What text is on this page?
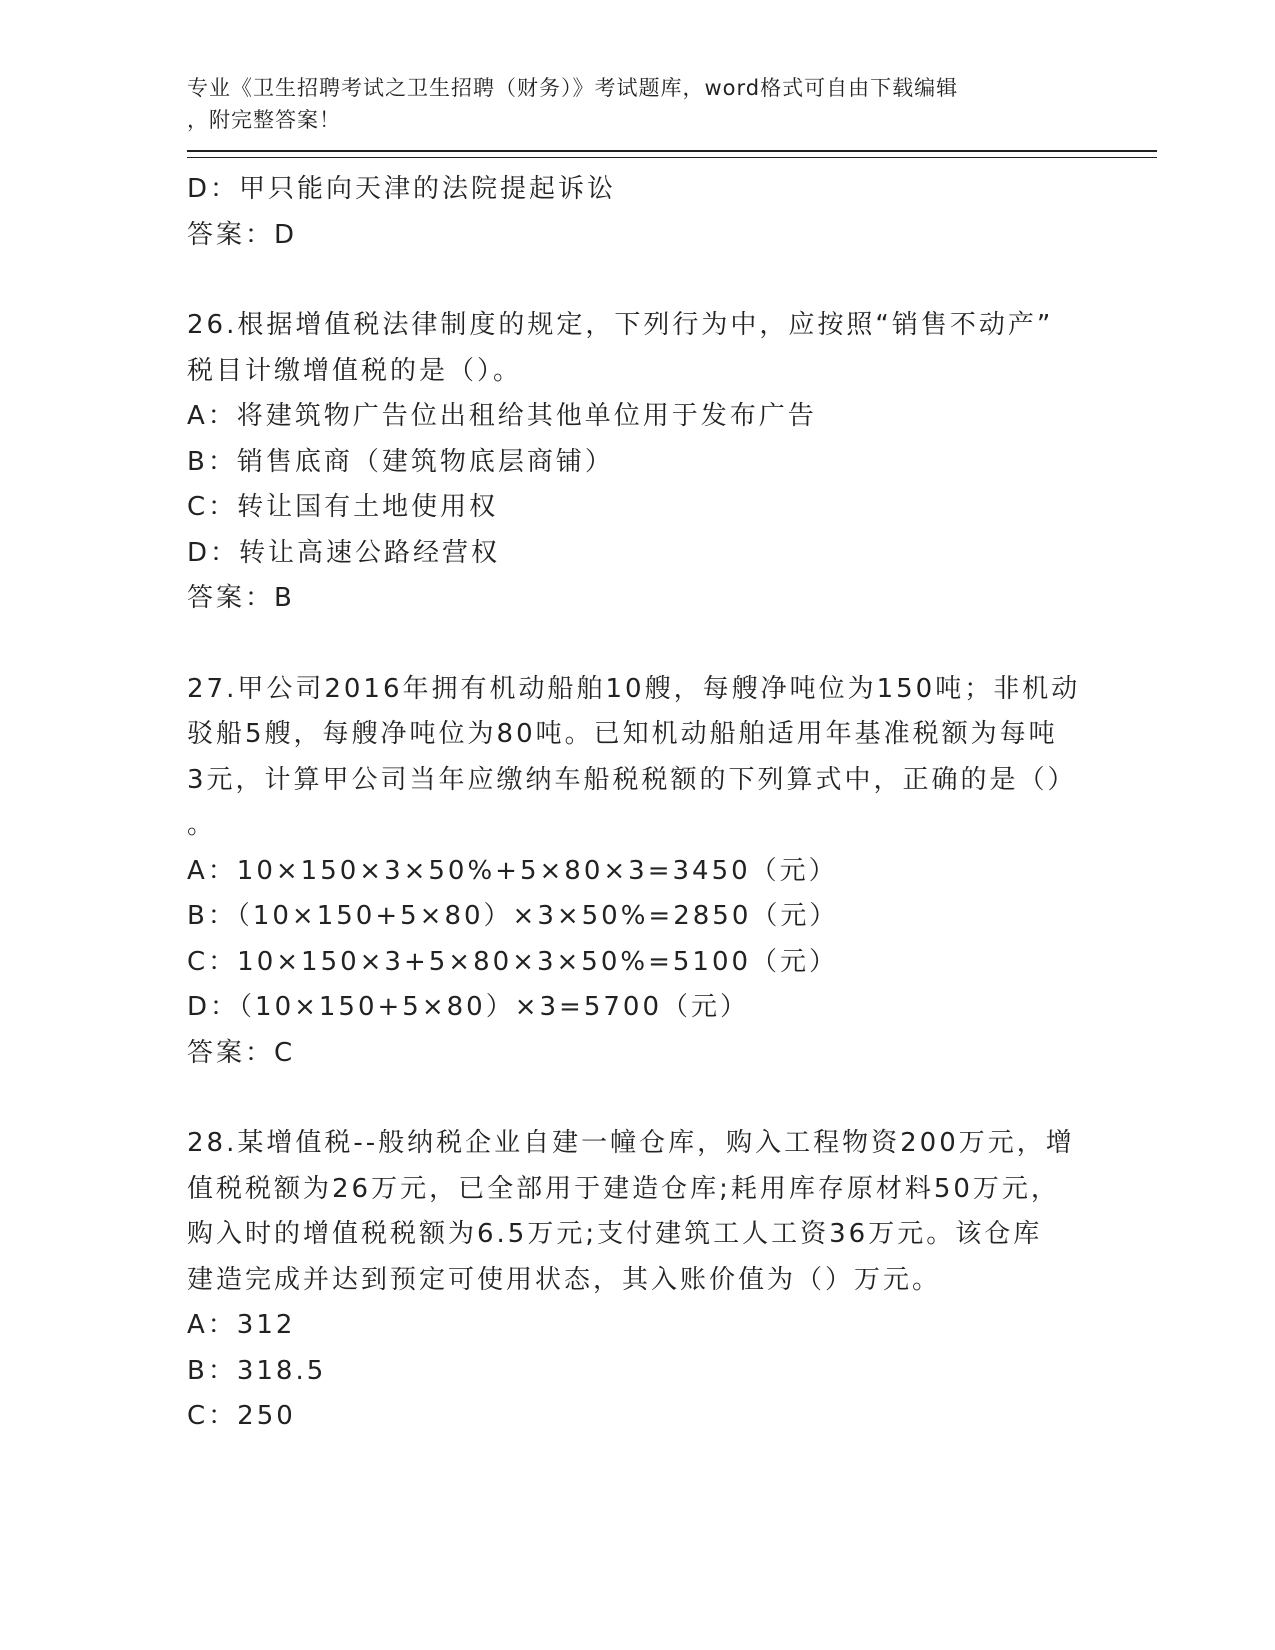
专业《卫生招聘考试之卫生招聘（财务）》考试题库，word格式可自由下载编辑
，附完整答案！
D：甲只能向天津的法院提起诉讼
答案：D
26.根据增值税法律制度的规定，下列行为中，应按照“销售不动产”
税目计缴增值税的是（）。
A：将建筑物广告位出租给其他单位用于发布广告
B：销售底商（建筑物底层商铺）
C：转让国有土地使用权
D：转让高速公路经营权
答案：B
27.甲公司2016年拥有机动船舶10艘，每艘净吨位为150吨；非机动
驳船5艘，每艘净吨位为80吨。已知机动船舶适用年基准税额为每吨
3元，计算甲公司当年应缴纳车船税税额的下列算式中，正确的是（）
。
A：10×150×3×50%+5×80×3=3450（元）
B：（10×150+5×80）×3×50%=2850（元）
C：10×150×3+5×80×3×50%=5100（元）
D：（10×150+5×80）×3=5700（元）
答案：C
28.某增值税--般纳税企业自建一幢仓库，购入工程物资200万元，增
值税税额为26万元，已全部用于建造仓库;耗用库存原材料50万元，
购入时的增值税税额为6.5万元;支付建筑工人工资36万元。该仓库
建造完成并达到预定可使用状态，其入账价值为（）万元。
A：312
B：318.5
C：250
